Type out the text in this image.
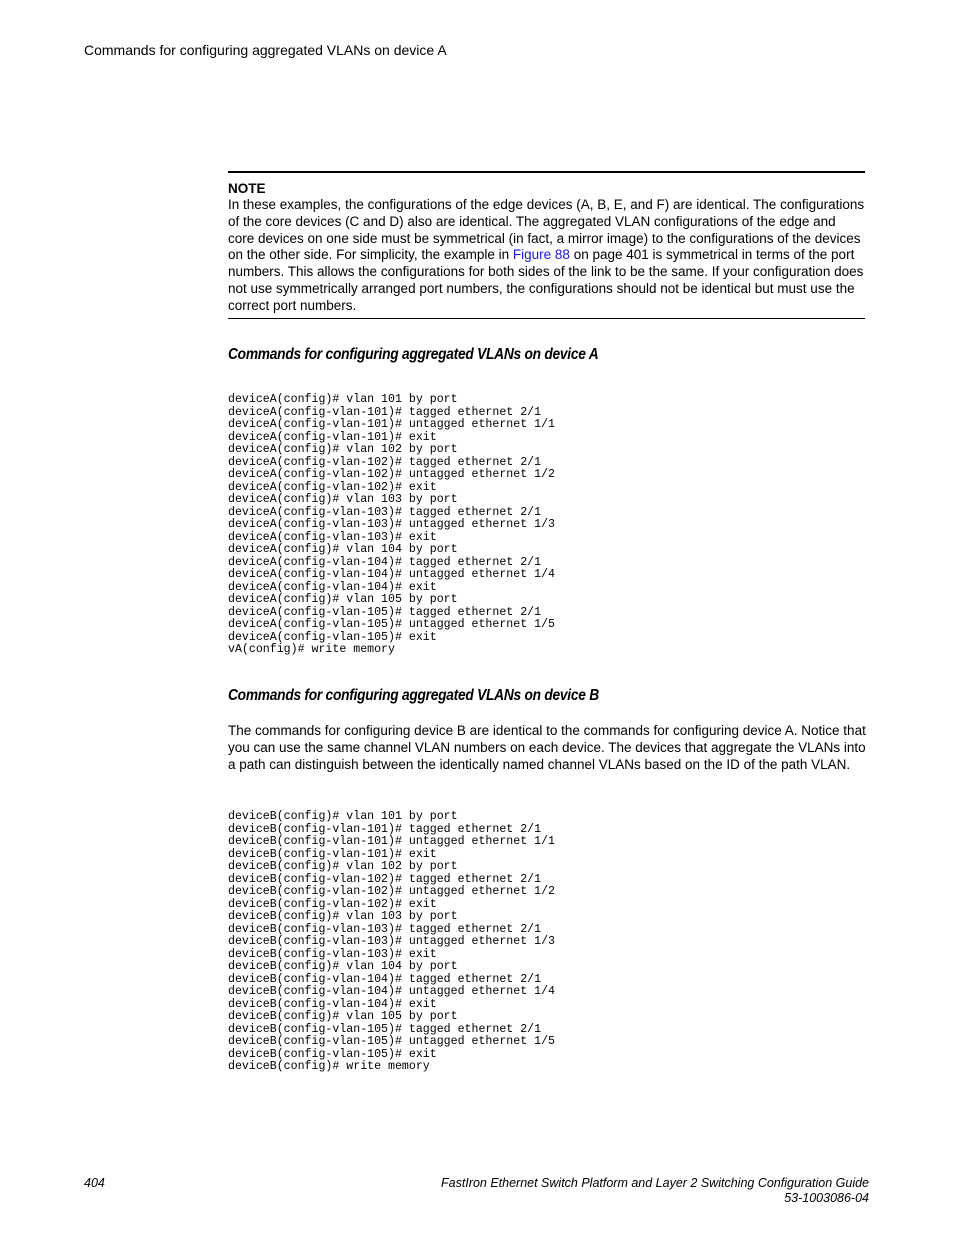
Commands for configuring aggregated VLANs on device A
NOTE
In these examples, the configurations of the edge devices (A, B, E, and F) are identical. The configurations of the core devices (C and D) also are identical. The aggregated VLAN configurations of the edge and core devices on one side must be symmetrical (in fact, a mirror image) to the configurations of the devices on the other side. For simplicity, the example in Figure 88 on page 401 is symmetrical in terms of the port numbers. This allows the configurations for both sides of the link to be the same. If your configuration does not use symmetrically arranged port numbers, the configurations should not be identical but must use the correct port numbers.
Commands for configuring aggregated VLANs on device A
deviceA(config)# vlan 101 by port
deviceA(config-vlan-101)# tagged ethernet 2/1
deviceA(config-vlan-101)# untagged ethernet 1/1
deviceA(config-vlan-101)# exit
deviceA(config)# vlan 102 by port
deviceA(config-vlan-102)# tagged ethernet 2/1
deviceA(config-vlan-102)# untagged ethernet 1/2
deviceA(config-vlan-102)# exit
deviceA(config)# vlan 103 by port
deviceA(config-vlan-103)# tagged ethernet 2/1
deviceA(config-vlan-103)# untagged ethernet 1/3
deviceA(config-vlan-103)# exit
deviceA(config)# vlan 104 by port
deviceA(config-vlan-104)# tagged ethernet 2/1
deviceA(config-vlan-104)# untagged ethernet 1/4
deviceA(config-vlan-104)# exit
deviceA(config)# vlan 105 by port
deviceA(config-vlan-105)# tagged ethernet 2/1
deviceA(config-vlan-105)# untagged ethernet 1/5
deviceA(config-vlan-105)# exit
vA(config)# write memory
Commands for configuring aggregated VLANs on device B
The commands for configuring device B are identical to the commands for configuring device A. Notice that you can use the same channel VLAN numbers on each device. The devices that aggregate the VLANs into a path can distinguish between the identically named channel VLANs based on the ID of the path VLAN.
deviceB(config)# vlan 101 by port
deviceB(config-vlan-101)# tagged ethernet 2/1
deviceB(config-vlan-101)# untagged ethernet 1/1
deviceB(config-vlan-101)# exit
deviceB(config)# vlan 102 by port
deviceB(config-vlan-102)# tagged ethernet 2/1
deviceB(config-vlan-102)# untagged ethernet 1/2
deviceB(config-vlan-102)# exit
deviceB(config)# vlan 103 by port
deviceB(config-vlan-103)# tagged ethernet 2/1
deviceB(config-vlan-103)# untagged ethernet 1/3
deviceB(config-vlan-103)# exit
deviceB(config)# vlan 104 by port
deviceB(config-vlan-104)# tagged ethernet 2/1
deviceB(config-vlan-104)# untagged ethernet 1/4
deviceB(config-vlan-104)# exit
deviceB(config)# vlan 105 by port
deviceB(config-vlan-105)# tagged ethernet 2/1
deviceB(config-vlan-105)# untagged ethernet 1/5
deviceB(config-vlan-105)# exit
deviceB(config)# write memory
404	FastIron Ethernet Switch Platform and Layer 2 Switching Configuration Guide
53-1003086-04
